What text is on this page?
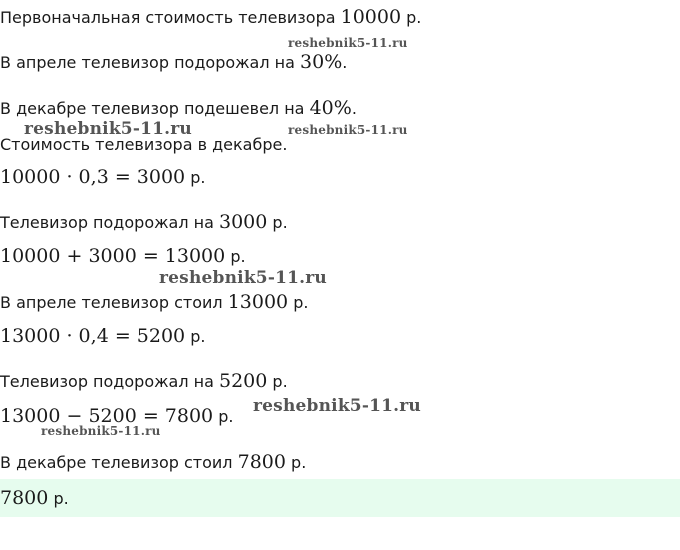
Первоначальная стоимость телевизора 10000 р.
В апреле телевизор подорожал на 30%.
В декабре телевизор подешевел на 40%.
Стоимость телевизора в декабре.
10000 · 0,3 = 3000 р.
Телевизор подорожал на 3000 р.
10000 + 3000 = 13000 р.
В апреле телевизор стоил 13000 р.
13000 · 0,4 = 5200 р.
Телевизор подорожал на 5200 р.
13000 − 5200 = 7800 р.
В декабре телевизор стоил 7800 р.
7800 р.
reshebnik5-11.ru
reshebnik5-11.ru	reshebnik5-11.ru
reshebnik5-11.ru
reshebnik5-11.ru
reshebnik5-11.ru
